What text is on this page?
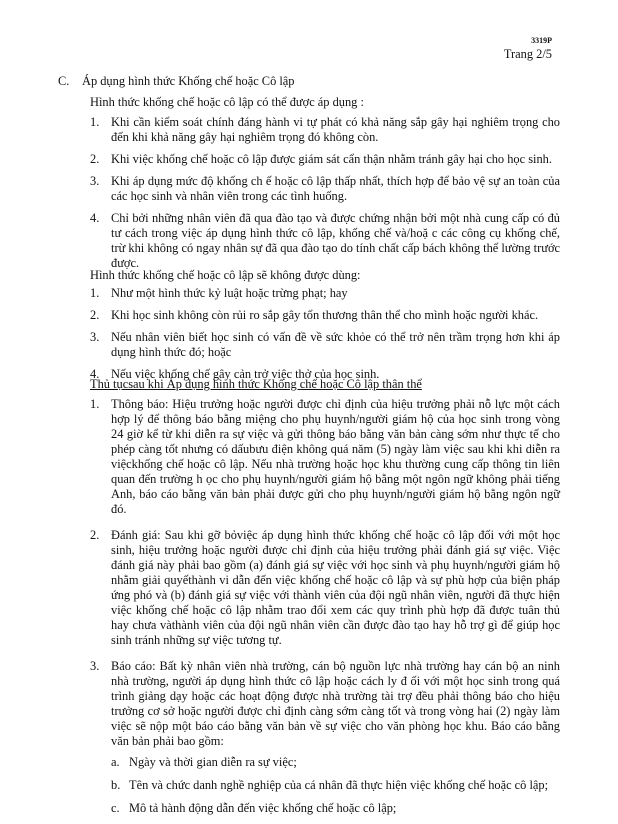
3319P
Trang 2/5
C. Áp dụng hình thức Khống chế hoặc Cô lập
Hình thức khống chế hoặc cô lập có thể được áp dụng :
1. Khi cần kiểm soát chính đáng hành vi tự phát có khả năng sắp gây hại nghiêm trọng cho đến khi khả năng gây hại nghiêm trọng đó không còn.
2. Khi việc khống chế hoặc cô lập được giám sát cẩn thận nhằm tránh gây hại cho học sinh.
3. Khi áp dụng mức độ khống ch ế hoặc cô lập thấp nhất, thích hợp để bảo vệ sự an toàn của các học sinh và nhân viên trong các tình huống.
4. Chỉ bởi những nhân viên đã qua đào tạo và được chứng nhận bởi một nhà cung cấp có đủ tư cách trong việc áp dụng hình thức cô lập, khống chế và/hoặ c các công cụ khống chế, trừ khi không có ngay nhân sự đã qua đào tạo do tính chất cấp bách không thể lường trước được.
Hình thức khống chế hoặc cô lập sẽ không được dùng:
1. Như một hình thức kỷ luật hoặc trừng phạt; hay
2. Khi học sinh không còn rủi ro sắp gây tổn thương thân thể cho mình hoặc người khác.
3. Nếu nhân viên biết học sinh có vấn đề về sức khỏe có thể trở nên trầm trọng hơn khi áp dụng hình thức đó; hoặc
4. Nếu việc khống chế gây cản trở việc thở của học sinh.
Thủ tụcsau khi Áp dụng hình thức Khống chế hoặc Cô lập thân thể
1. Thông báo: Hiệu trưởng hoặc người được chỉ định của hiệu trưởng phải nỗ lực một cách hợp lý để thông báo bằng miệng cho phụ huynh/người giám hộ của học sinh trong vòng 24 giờ kể từ khi diễn ra sự việc và gửi thông báo bằng văn bản càng sớm như thực tế cho phép càng tốt nhưng có dấubưu điện không quá năm (5) ngày làm việc sau khi khi diễn ra việckhống chế hoặc cô lập. Nếu nhà trường hoặc học khu thường cung cấp thông tin liên quan đến trường h ọc cho phụ huynh/người giám hộ bằng một ngôn ngữ không phải tiếng Anh, báo cáo bằng văn bản phải được gửi cho phụ huynh/người giám hộ bằng ngôn ngữ đó.
2. Đánh giá: Sau khi gỡ bỏviệc áp dụng hình thức khống chế hoặc cô lập đối với một học sinh, hiệu trưởng hoặc người được chỉ định của hiệu trưởng phải đánh giá sự việc. Việc đánh giá này phải bao gồm (a) đánh giá sự việc với học sinh và phụ huynh/người giám hộ nhằm giải quyếthành vi dẫn đến việc khống chế hoặc cô lập và sự phù hợp của biện pháp ứng phó và (b) đánh giá sự việc với thành viên của đội ngũ nhân viên, người đã thực hiện việc khống chế hoặc cô lập nhằm trao đổi xem các quy trình phù hợp đã được tuân thủ hay chưa vàthành viên của đội ngũ nhân viên cần được đào tạo hay hỗ trợ gì để giúp học sinh tránh những sự việc tương tự.
3. Báo cáo: Bất kỳ nhân viên nhà trường, cán bộ nguồn lực nhà trường hay cán bộ an ninh nhà trường, người áp dụng hình thức cô lập hoặc cách ly đ ối với một học sinh trong quá trình giảng dạy hoặc các hoạt động được nhà trường tài trợ đều phải thông báo cho hiệu trưởng cơ sở hoặc người được chỉ định càng sớm càng tốt và trong vòng hai (2) ngày làm việc sẽ nộp một báo cáo bằng văn bản về sự việc cho văn phòng học khu. Báo cáo bằng văn bản phải bao gồm:
a. Ngày và thời gian diễn ra sự việc;
b. Tên và chức danh nghề nghiệp của cá nhân đã thực hiện việc khống chế hoặc cô lập;
c. Mô tả hành động dẫn đến việc khống chế hoặc cô lập;
